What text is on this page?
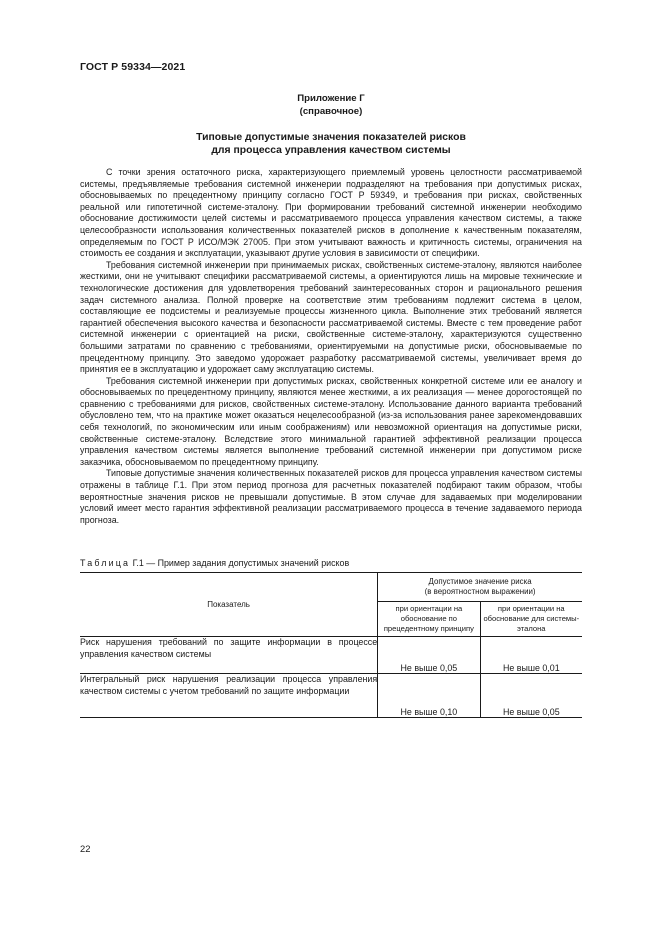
ГОСТ Р 59334—2021
Приложение Г
(справочное)
Типовые допустимые значения показателей рисков
для процесса управления качеством системы

С точки зрения остаточного риска, характеризующего приемлемый уровень целостности рассматриваемой системы, предъявляемые требования системной инженерии подразделяют на требования при допустимых рисках, обосновываемых по прецедентному принципу согласно ГОСТ Р 59349, и требования при рисках, свойственных реальной или гипотетичной системе-эталону. При формировании требований системной инженерии необходимо обоснование достижимости целей системы и рассматриваемого процесса управления качеством системы, а также целесообразности использования количественных показателей рисков в дополнение к качественным показателям, определяемым по ГОСТ Р ИСО/МЭК 27005. При этом учитывают важность и критичность системы, ограничения на стоимость ее создания и эксплуатации, указывают другие условия в зависимости от специфики.

Требования системной инженерии при принимаемых рисках, свойственных системе-эталону, являются наиболее жесткими, они не учитывают специфики рассматриваемой системы, а ориентируются лишь на мировые технические и технологические достижения для удовлетворения требований заинтересованных сторон и рационального решения задач системного анализа. Полной проверке на соответствие этим требованиям подлежит система в целом, составляющие ее подсистемы и реализуемые процессы жизненного цикла. Выполнение этих требований является гарантией обеспечения высокого качества и безопасности рассматриваемой системы. Вместе с тем проведение работ системной инженерии с ориентацией на риски, свойственные системе-эталону, характеризуются существенно большими затратами по сравнению с требованиями, ориентируемыми на допустимые риски, обосновываемые по прецедентному принципу. Это заведомо удорожает разработку рассматриваемой системы, увеличивает время до принятия ее в эксплуатацию и удорожает саму эксплуатацию системы.

Требования системной инженерии при допустимых рисках, свойственных конкретной системе или ее аналогу и обосновываемых по прецедентному принципу, являются менее жесткими, а их реализация — менее дорогостоящей по сравнению с требованиями для рисков, свойственных системе-эталону. Использование данного варианта требований обусловлено тем, что на практике может оказаться нецелесообразной (из-за использования ранее зарекомендовавших себя технологий, по экономическим или иным соображениям) или невозможной ориентация на допустимые риски, свойственные системе-эталону. Вследствие этого минимальной гарантией эффективной реализации процесса управления качеством системы является выполнение требований системной инженерии при допустимом риске заказчика, обосновываемом по прецедентному принципу.

Типовые допустимые значения количественных показателей рисков для процесса управления качеством системы отражены в таблице Г.1. При этом период прогноза для расчетных показателей подбирают таким образом, чтобы вероятностные значения рисков не превышали допустимые. В этом случае для задаваемых при моделировании условий имеет место гарантия эффективной реализации рассматриваемого процесса в течение задаваемого периода прогноза.

Таблица Г.1 — Пример задания допустимых значений рисков
Показатель	Допустимое значение риска
(в вероятностном выражении)	

	при ориентации на обоснование по прецедентному принципу	при ориентации на обоснование для системы-эталона
Риск нарушения требований по защите информации в процессе управления качеством системы	Не выше 0,05	Не выше 0,01
Интегральный риск нарушения реализации процесса управления качеством системы с учетом требований по защите информации	Не выше 0,10	Не выше 0,05
22
